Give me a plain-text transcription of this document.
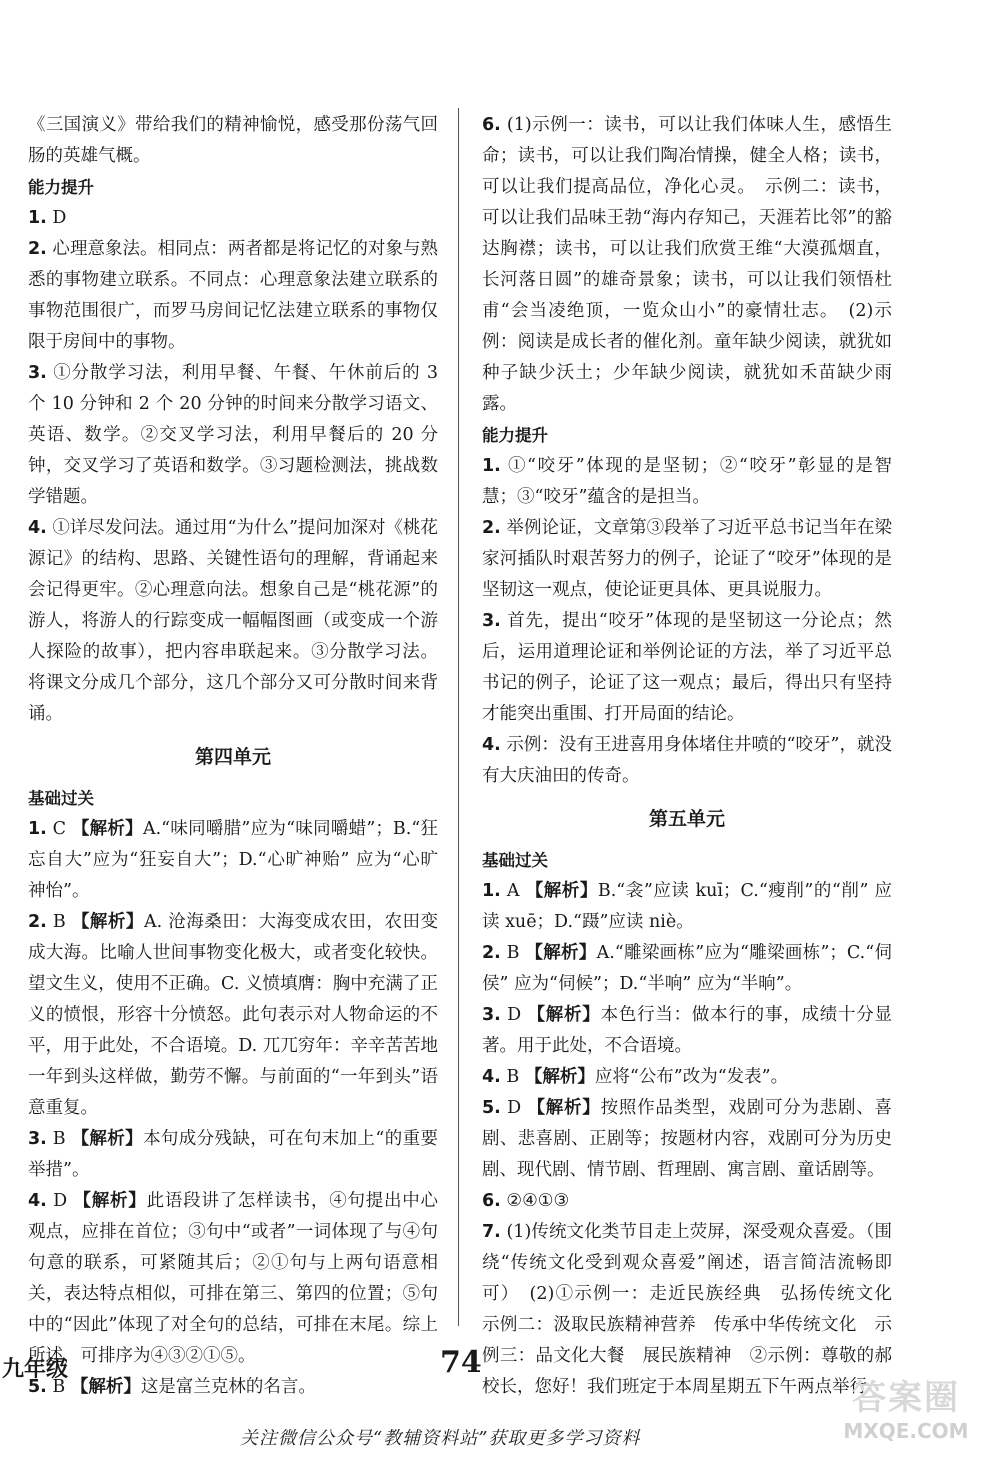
《三国演义》带给我们的精神愉悦，感受那份荡气回肠的英雄气概。

能力提升

1. D

2. 心理意象法。相同点：两者都是将记忆的对象与熟悉的事物建立联系。不同点：心理意象法建立联系的事物范围很广，而罗马房间记忆法建立联系的事物仅限于房间中的事物。

3. ①分散学习法，利用早餐、午餐、午休前后的 3 个 10 分钟和 2 个 20 分钟的时间来分散学习语文、英语、数学。②交叉学习法，利用早餐后的 20 分钟，交叉学习了英语和数学。③习题检测法，挑战数学错题。

4. ①详尽发问法。通过用“为什么”提问加深对《桃花源记》的结构、思路、关键性语句的理解，背诵起来会记得更牢。②心理意向法。想象自己是“桃花源”的游人，将游人的行踪变成一幅幅图画（或变成一个游人探险的故事），把内容串联起来。③分散学习法。将课文分成几个部分，这几个部分又可分散时间来背诵。

第四单元

基础过关

1. C 【解析】A.“味同嚼腊”应为“味同嚼蜡”；B.“狂忘自大”应为“狂妄自大”；D.“心旷神贻” 应为“心旷神怡”。

2. B 【解析】A. 沧海桑田：大海变成农田，农田变成大海。比喻人世间事物变化极大，或者变化较快。望文生义，使用不正确。C. 义愤填膺：胸中充满了正义的愤恨，形容十分愤怒。此句表示对人物命运的不平，用于此处，不合语境。D. 兀兀穷年：辛辛苦苦地一年到头这样做，勤劳不懈。与前面的“一年到头”语意重复。

3. B 【解析】本句成分残缺，可在句末加上“的重要举措”。

4. D 【解析】此语段讲了怎样读书，④句提出中心观点，应排在首位；③句中“或者”一词体现了与④句句意的联系，可紧随其后；②①句与上两句语意相关，表达特点相似，可排在第三、第四的位置；⑤句中的“因此”体现了对全句的总结，可排在末尾。综上所述，可排序为④③②①⑤。

5. B 【解析】这是富兰克林的名言。

6. (1)示例一：读书，可以让我们体味人生，感悟生命；读书，可以让我们陶冶情操，健全人格；读书，可以让我们提高品位，净化心灵。　示例二：读书，可以让我们品味王勃“海内存知己，天涯若比邻”的豁达胸襟；读书，可以让我们欣赏王维“大漠孤烟直，长河落日圆”的雄奇景象；读书，可以让我们领悟杜甫“会当凌绝顶，一览众山小”的豪情壮志。　(2)示例：阅读是成长者的催化剂。童年缺少阅读，就犹如种子缺少沃土；少年缺少阅读，就犹如禾苗缺少雨露。

能力提升

1. ①“咬牙”体现的是坚韧；②“咬牙”彰显的是智慧；③“咬牙”蕴含的是担当。

2. 举例论证，文章第③段举了习近平总书记当年在梁家河插队时艰苦努力的例子，论证了“咬牙”体现的是坚韧这一观点，使论证更具体、更具说服力。

3. 首先，提出“咬牙”体现的是坚韧这一分论点；然后，运用道理论证和举例论证的方法，举了习近平总书记的例子，论证了这一观点；最后，得出只有坚持才能突出重围、打开局面的结论。

4. 示例：没有王进喜用身体堵住井喷的“咬牙”，就没有大庆油田的传奇。

第五单元

基础过关

1. A 【解析】B.“衾”应读 kuī；C.“瘦削”的“削” 应读 xuē；D.“蹑”应读 niè。

2. B 【解析】A.“雕梁画栋”应为“雕梁画栋”；C.“伺侯” 应为“伺候”；D.“半响” 应为“半晌”。

3. D 【解析】本色行当：做本行的事，成绩十分显著。用于此处，不合语境。

4. B 【解析】应将“公布”改为“发表”。

5. D 【解析】按照作品类型，戏剧可分为悲剧、喜剧、悲喜剧、正剧等；按题材内容，戏剧可分为历史剧、现代剧、情节剧、哲理剧、寓言剧、童话剧等。

6. ②④①③

7. (1)传统文化类节目走上荧屏，深受观众喜爱。（围绕“传统文化受到观众喜爱”阐述，语言简洁流畅即可）　(2)①示例一：走近民族经典　弘扬传统文化　示例二：汲取民族精神营养　传承中华传统文化　示例三：品文化大餐　展民族精神　②示例：尊敬的郝校长，您好！我们班定于本周星期五下午两点举行

九年级	74
关注微信公众号“教辅资料站”获取更多学习资料
答案圈
MXQE.COM
